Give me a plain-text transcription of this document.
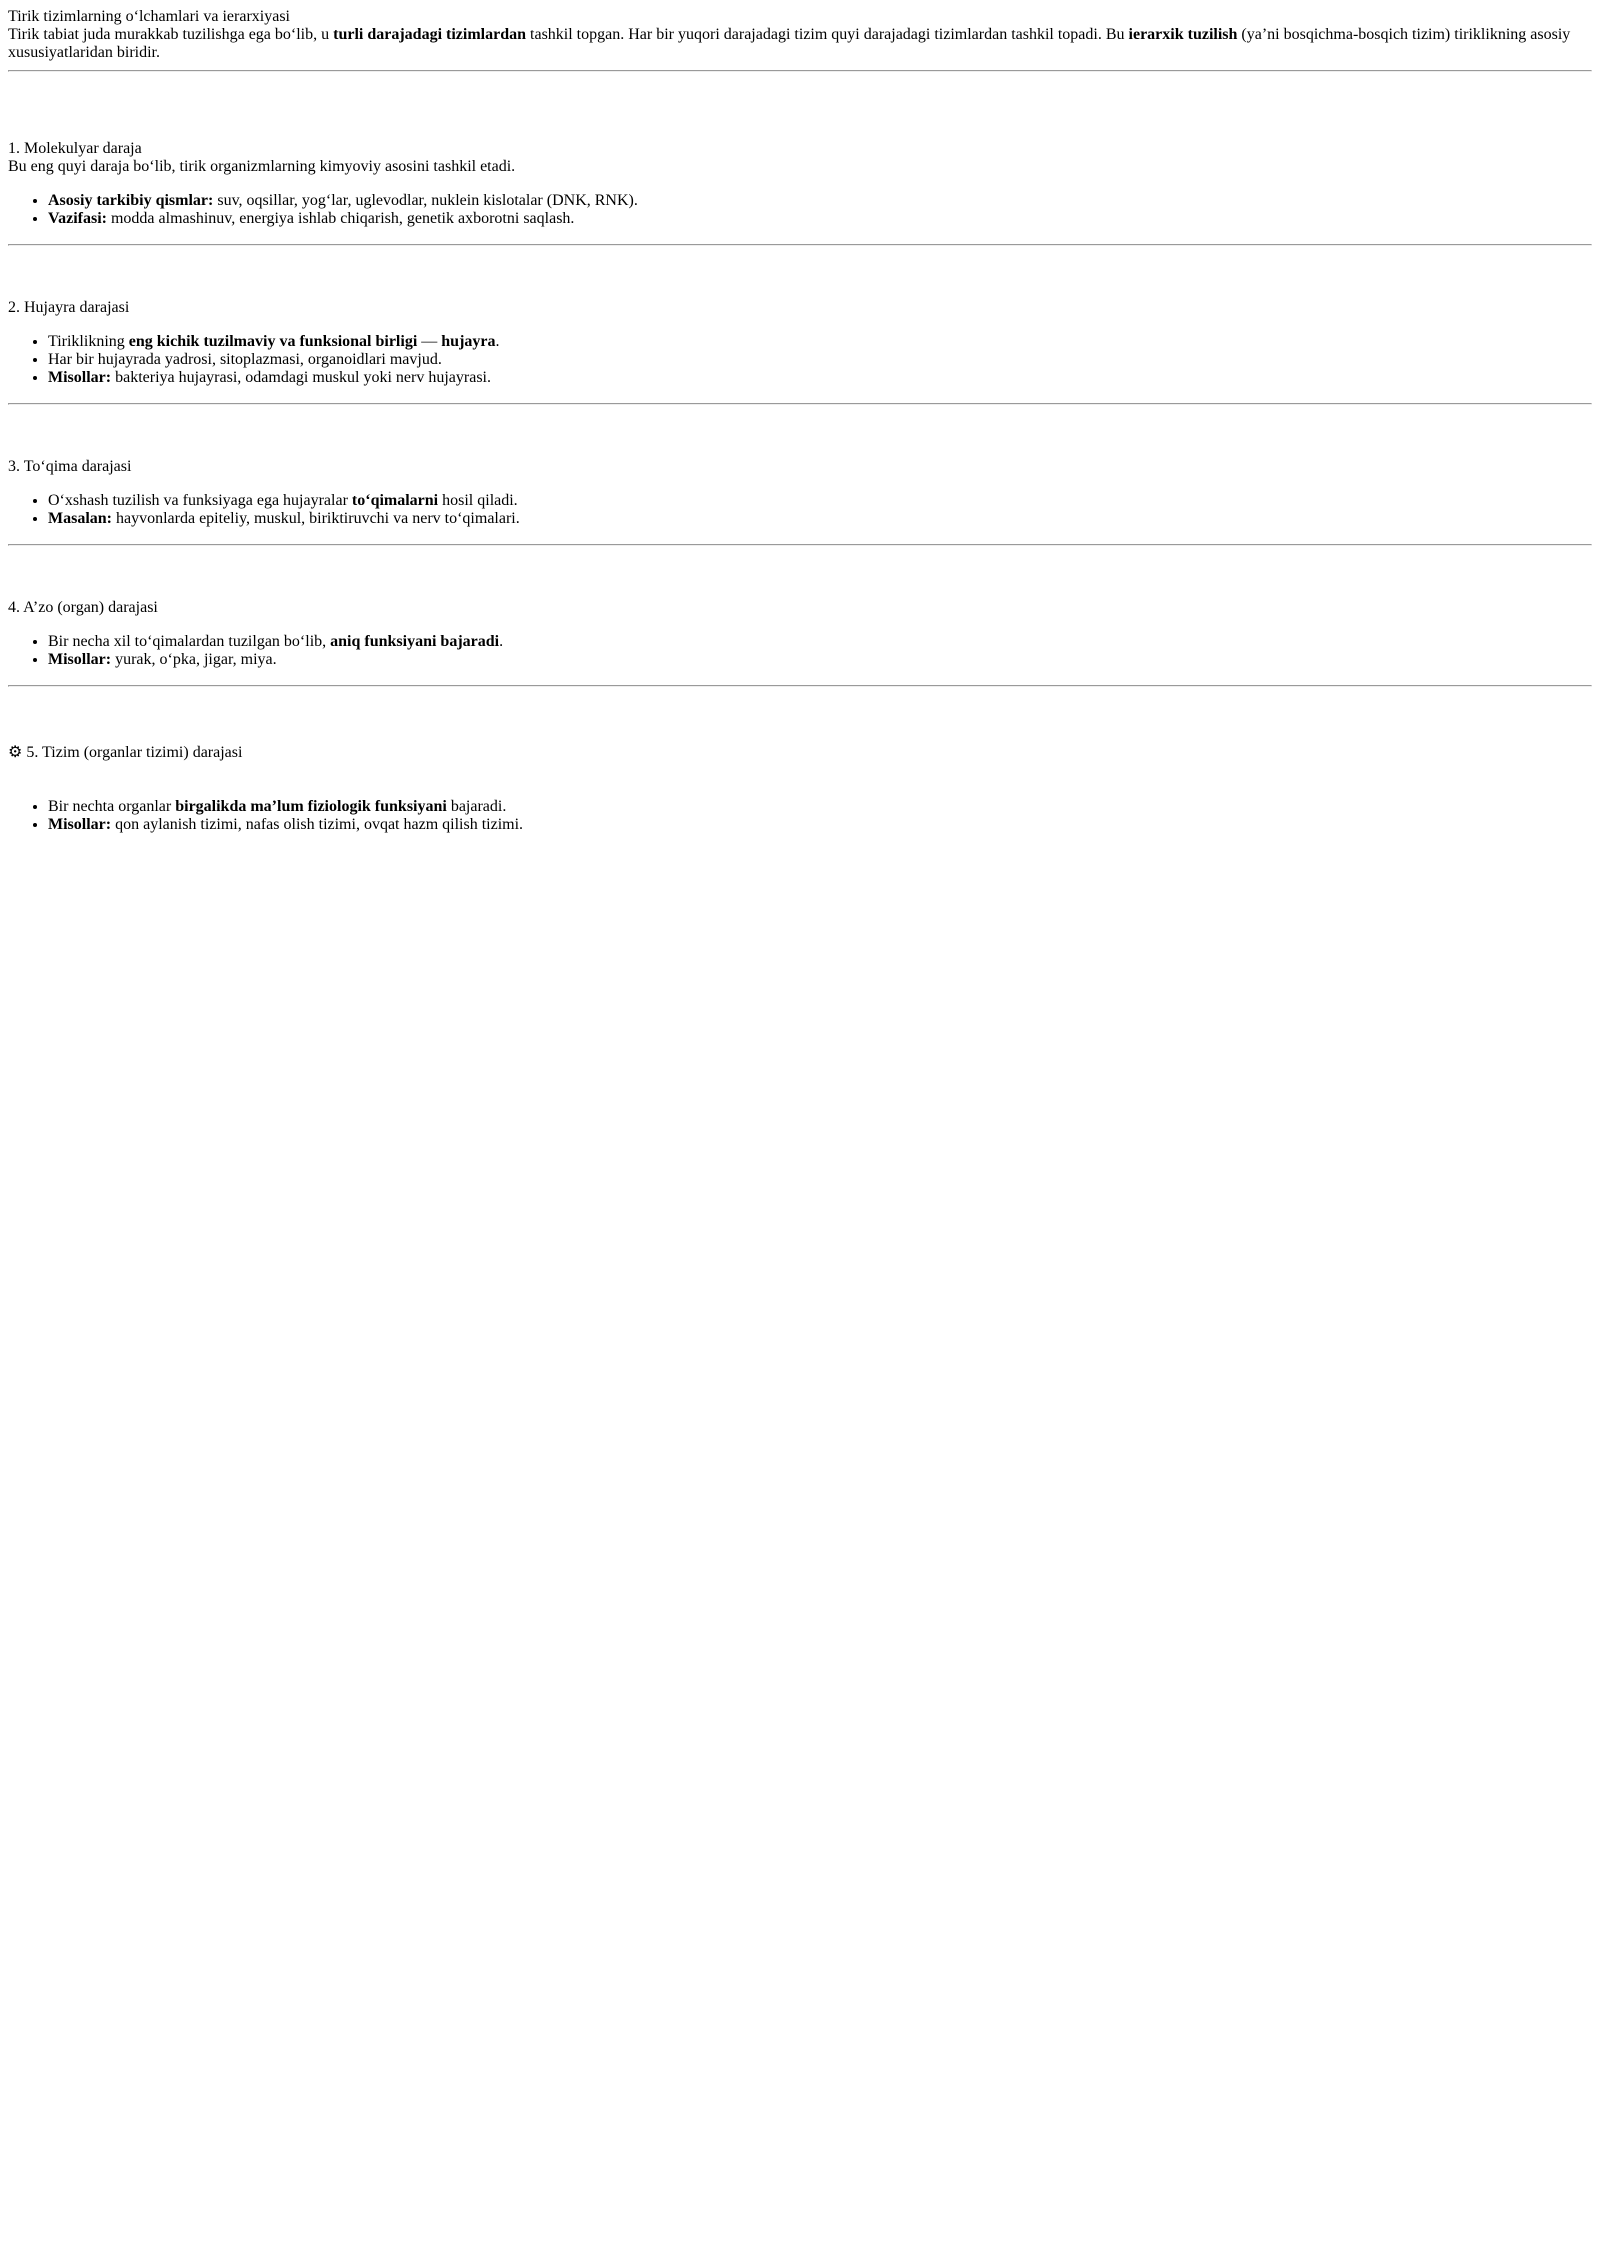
Tirik tizimlarning o‘lchamlari va ierarxiyasi
Tirik tabiat juda murakkab tuzilishga ega bo‘lib, u turli darajadagi tizimlardan tashkil topgan. Har bir yuqori darajadagi tizim quyi darajadagi tizimlardan tashkil topadi. Bu ierarxik tuzilish (ya’ni bosqichma-bosqich tizim) tiriklikning asosiy xususiyatlaridan biridir.
1. Molekulyar daraja
Bu eng quyi daraja bo‘lib, tirik organizmlarning kimyoviy asosini tashkil etadi.
• Asosiy tarkibiy qismlar: suv, oqsillar, yog‘lar, uglevodlar, nuklein kislotalar (DNK, RNK).
• Vazifasi: modda almashinuv, energiya ishlab chiqarish, genetik axborotni saqlash.
2. Hujayra darajasi
• Tiriklikning eng kichik tuzilmaviy va funksional birligi — hujayra.
• Har bir hujayrada yadrosi, sitoplazmasi, organoidlari mavjud.
• Misollar: bakteriya hujayrasi, odamdagi muskul yoki nerv hujayrasi.
3. To‘qima darajasi
• O‘xshash tuzilish va funksiyaga ega hujayralar to‘qimalarni hosil qiladi.
• Masalan: hayvonlarda epiteliy, muskul, biriktiruvchi va nerv to‘qimalari.
4. A’zo (organ) darajasi
• Bir necha xil to‘qimalardan tuzilgan bo‘lib, aniq funksiyani bajaradi.
• Misollar: yurak, o‘pka, jigar, miya.
⚙ 5. Tizim (organlar tizimi) darajasi
• Bir nechta organlar birgalikda ma’lum fiziologik funksiyani bajaradi.
• Misollar: qon aylanish tizimi, nafas olish tizimi, ovqat hazm qilish tizimi.
